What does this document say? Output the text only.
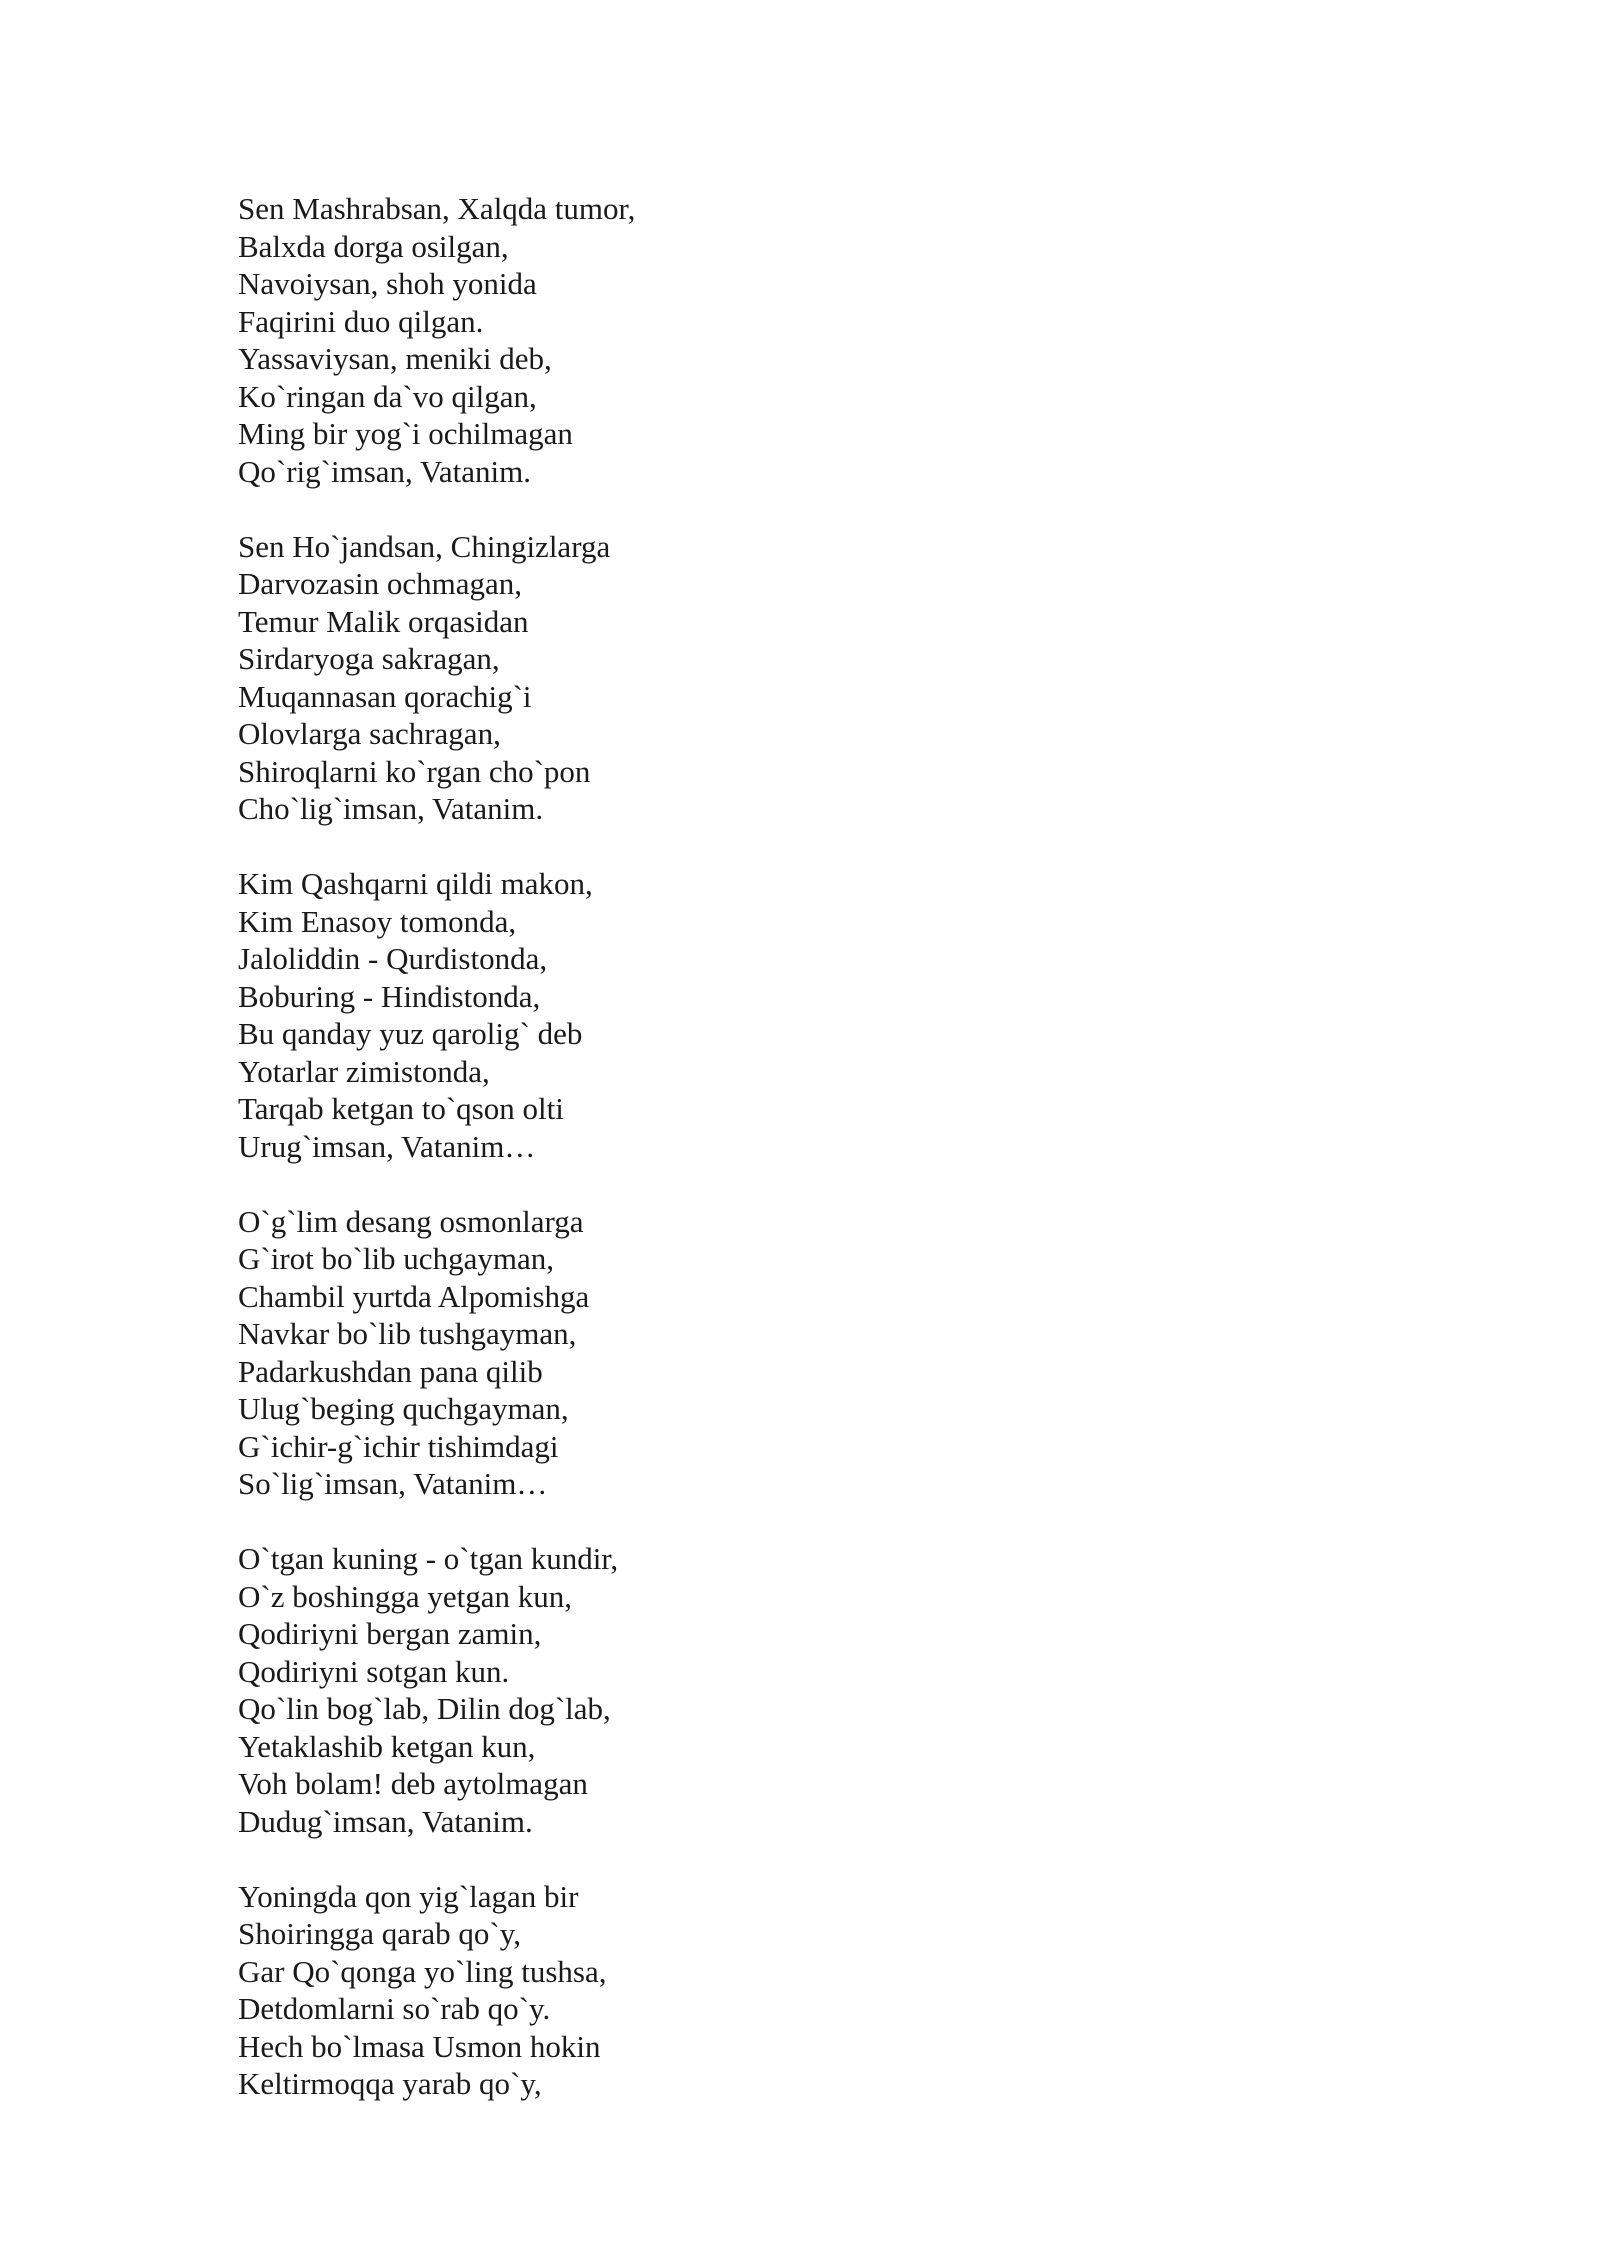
Sen Mashrabsan, Xalqda tumor,
Balxda dorga osilgan,
Navoiysan, shoh yonida
Faqirini duo qilgan.
Yassaviysan, meniki deb,
Ko`ringan da`vo qilgan,
Ming bir yog`i ochilmagan
Qo`rig`imsan, Vatanim.
Sen Ho`jandsan, Chingizlarga
Darvozasin ochmagan,
Temur Malik orqasidan
Sirdaryoga sakragan,
Muqannasan qorachig`i
Olovlarga sachragan,
Shiroqlarni ko`rgan cho`pon
Cho`lig`imsan, Vatanim.
Kim Qashqarni qildi makon,
Kim Enasoy tomonda,
Jaloliddin - Qurdistonda,
Boburing - Hindistonda,
Bu qanday yuz qarolig` deb
Yotarlar zimistonda,
Tarqab ketgan to`qson olti
Urug`imsan, Vatanim…
O`g`lim desang osmonlarga
G`irot bo`lib uchgayman,
Chambil yurtda Alpomishga
Navkar bo`lib tushgayman,
Padarkushdan pana qilib
Ulug`beging quchgayman,
G`ichir-g`ichir tishimdagi
So`lig`imsan, Vatanim…
O`tgan kuning - o`tgan kundir,
O`z boshingga yetgan kun,
Qodiriyni bergan zamin,
Qodiriyni sotgan kun.
Qo`lin bog`lab, Dilin dog`lab,
Yetaklashib ketgan kun,
Voh bolam! deb aytolmagan
Dudug`imsan, Vatanim.
Yoningda qon yig`lagan bir
Shoiringga qarab qo`y,
Gar Qo`qonga yo`ling tushsa,
Detdomlarni so`rab qo`y.
Hech bo`lmasa Usmon hokin
Keltirmoqqa yarab qo`y,
